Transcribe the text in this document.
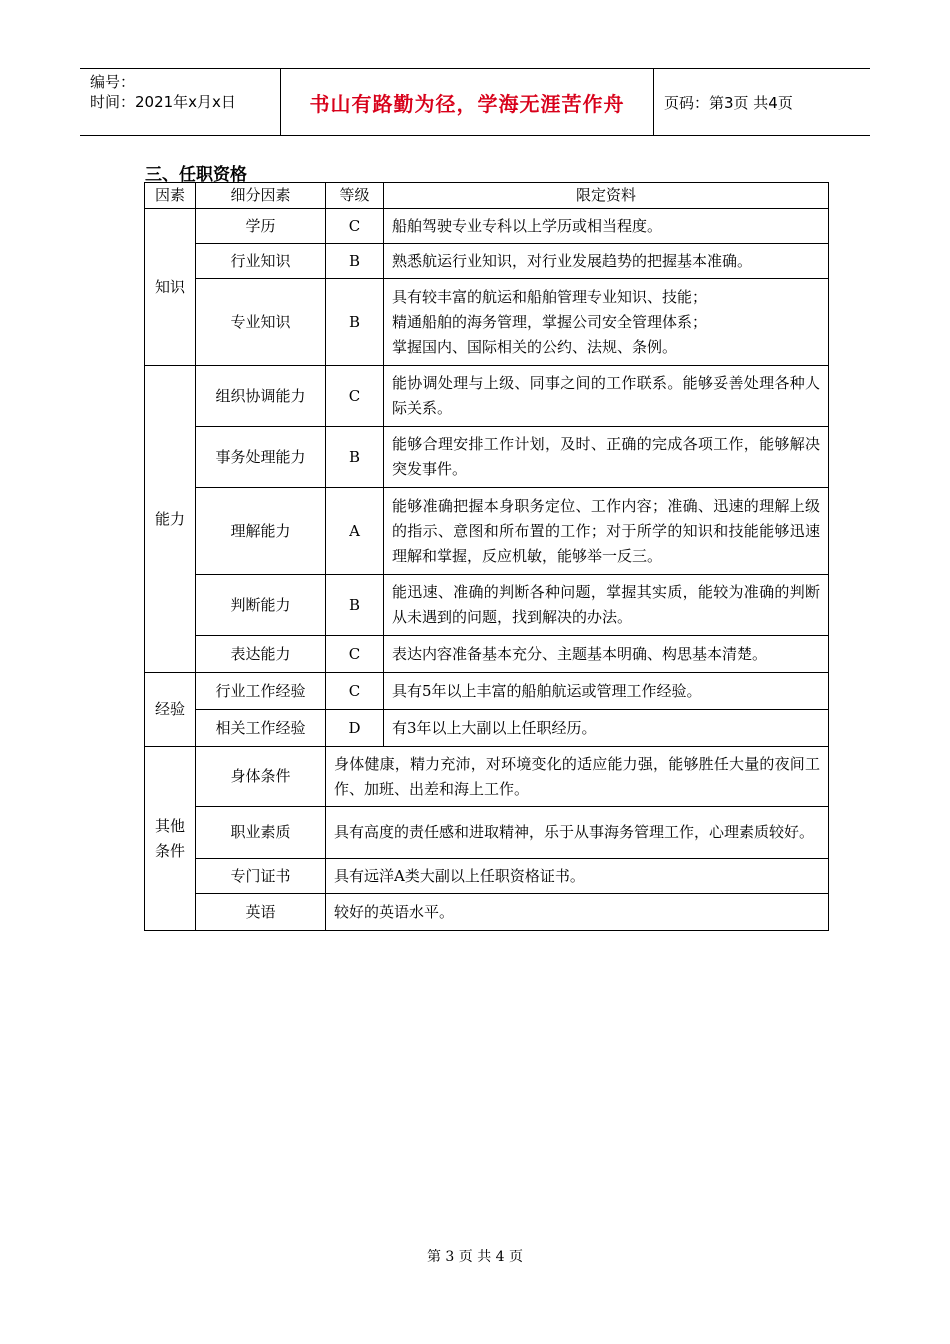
编号：
时间：2021年x月x日	书山有路勤为径，学海无涯苦作舟	页码：第3页 共4页
三、任职资格
因素	细分因素	等级	限定资料
知识	学历	C	船舶驾驶专业专科以上学历或相当程度。
	行业知识	B	熟悉航运行业知识，对行业发展趋势的把握基本准确。
	专业知识	B	具有较丰富的航运和船舶管理专业知识、技能；
精通船舶的海务管理，掌握公司安全管理体系；
掌握国内、国际相关的公约、法规、条例。
能力	组织协调能力	C	能协调处理与上级、同事之间的工作联系。能够妥善处理各种人际关系。
	事务处理能力	B	能够合理安排工作计划，及时、正确的完成各项工作，能够解决突发事件。
	理解能力	A	能够准确把握本身职务定位、工作内容；准确、迅速的理解上级的指示、意图和所布置的工作；对于所学的知识和技能能够迅速理解和掌握，反应机敏，能够举一反三。
	判断能力	B	能迅速、准确的判断各种问题，掌握其实质，能较为准确的判断从未遇到的问题，找到解决的办法。
	表达能力	C	表达内容准备基本充分、主题基本明确、构思基本清楚。
经验	行业工作经验	C	具有5年以上丰富的船舶航运或管理工作经验。
	相关工作经验	D	有3年以上大副以上任职经历。
其他
条件	身体条件	身体健康，精力充沛，对环境变化的适应能力强，能够胜任大量的夜间工作、加班、出差和海上工作。	
	职业素质	具有高度的责任感和进取精神，乐于从事海务管理工作，心理素质较好。	
	专门证书	具有远洋A类大副以上任职资格证书。	
	英语	较好的英语水平。	
第 3 页 共 4 页
